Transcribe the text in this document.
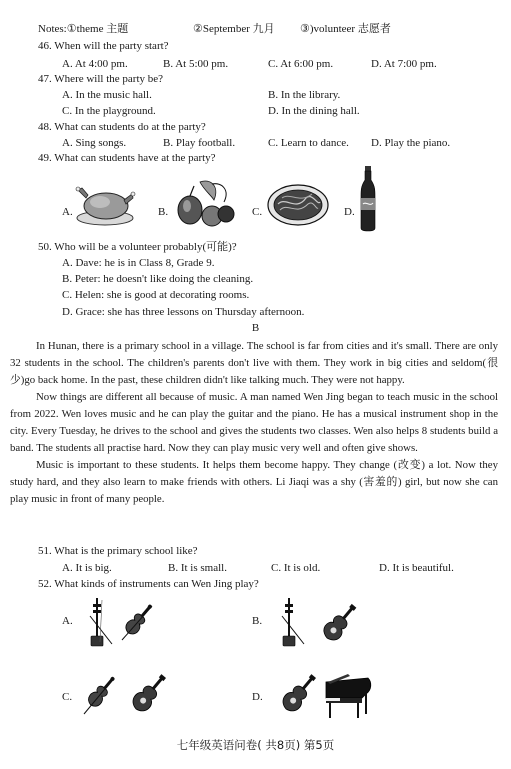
Notes:①theme 主题	②September 九月 ③)volunteer 志愿者
46. When will the party start?
A. At 4:00 pm.	B. At 5:00 pm.	C. At 6:00 pm.	D. At 7:00 pm.
47. Where will the party be?
A. In the music hall.	B. In the library.
C. In the playground.	D. In the dining hall.
48. What can students do at the party?
A. Sing songs.	B. Play football.	C. Learn to dance. D. Play the piano.
49. What can students have at the party?
A.	B.	C.	D.
50. Who will be a volunteer probably(可能)?
A. Dave: he is in Class 8, Grade 9.
B. Peter: he doesn't like doing the cleaning.
C. Helen: she is good at decorating rooms.
D. Grace: she has three lessons on Thursday afternoon.
B

In Hunan, there is a primary school in a village. The school is far from cities and it's small. There are only 32 students in the school. The children's parents don't live with them. They work in big cities and seldom(很少)go back home. In the past, these children didn't like talking much. They were not happy.

Now things are different all because of music. A man named Wen Jing began to teach music in the school from 2022. Wen loves music and he can play the guitar and the piano. He has a musical instrument shop in the city. Every Tuesday, he drives to the school and gives the students two classes. Wen also helps 8 students build a band. The students all practise hard. Now they can play music very well and often give shows.

Music is important to these students. It helps them become happy. They change (改变) a lot. Now they study hard, and they also learn to make friends with others. Li Jiaqi was a shy (害羞的) girl, but now she can play music in front of many people.

51. What is the primary school like?
A. It is big.	B. It is small.	C. It is old.	D. It is beautiful.
52. What kinds of instruments can Wen Jing play?
A.	B.
C.	D.
七年级英语问卷( 共8页) 第5页
